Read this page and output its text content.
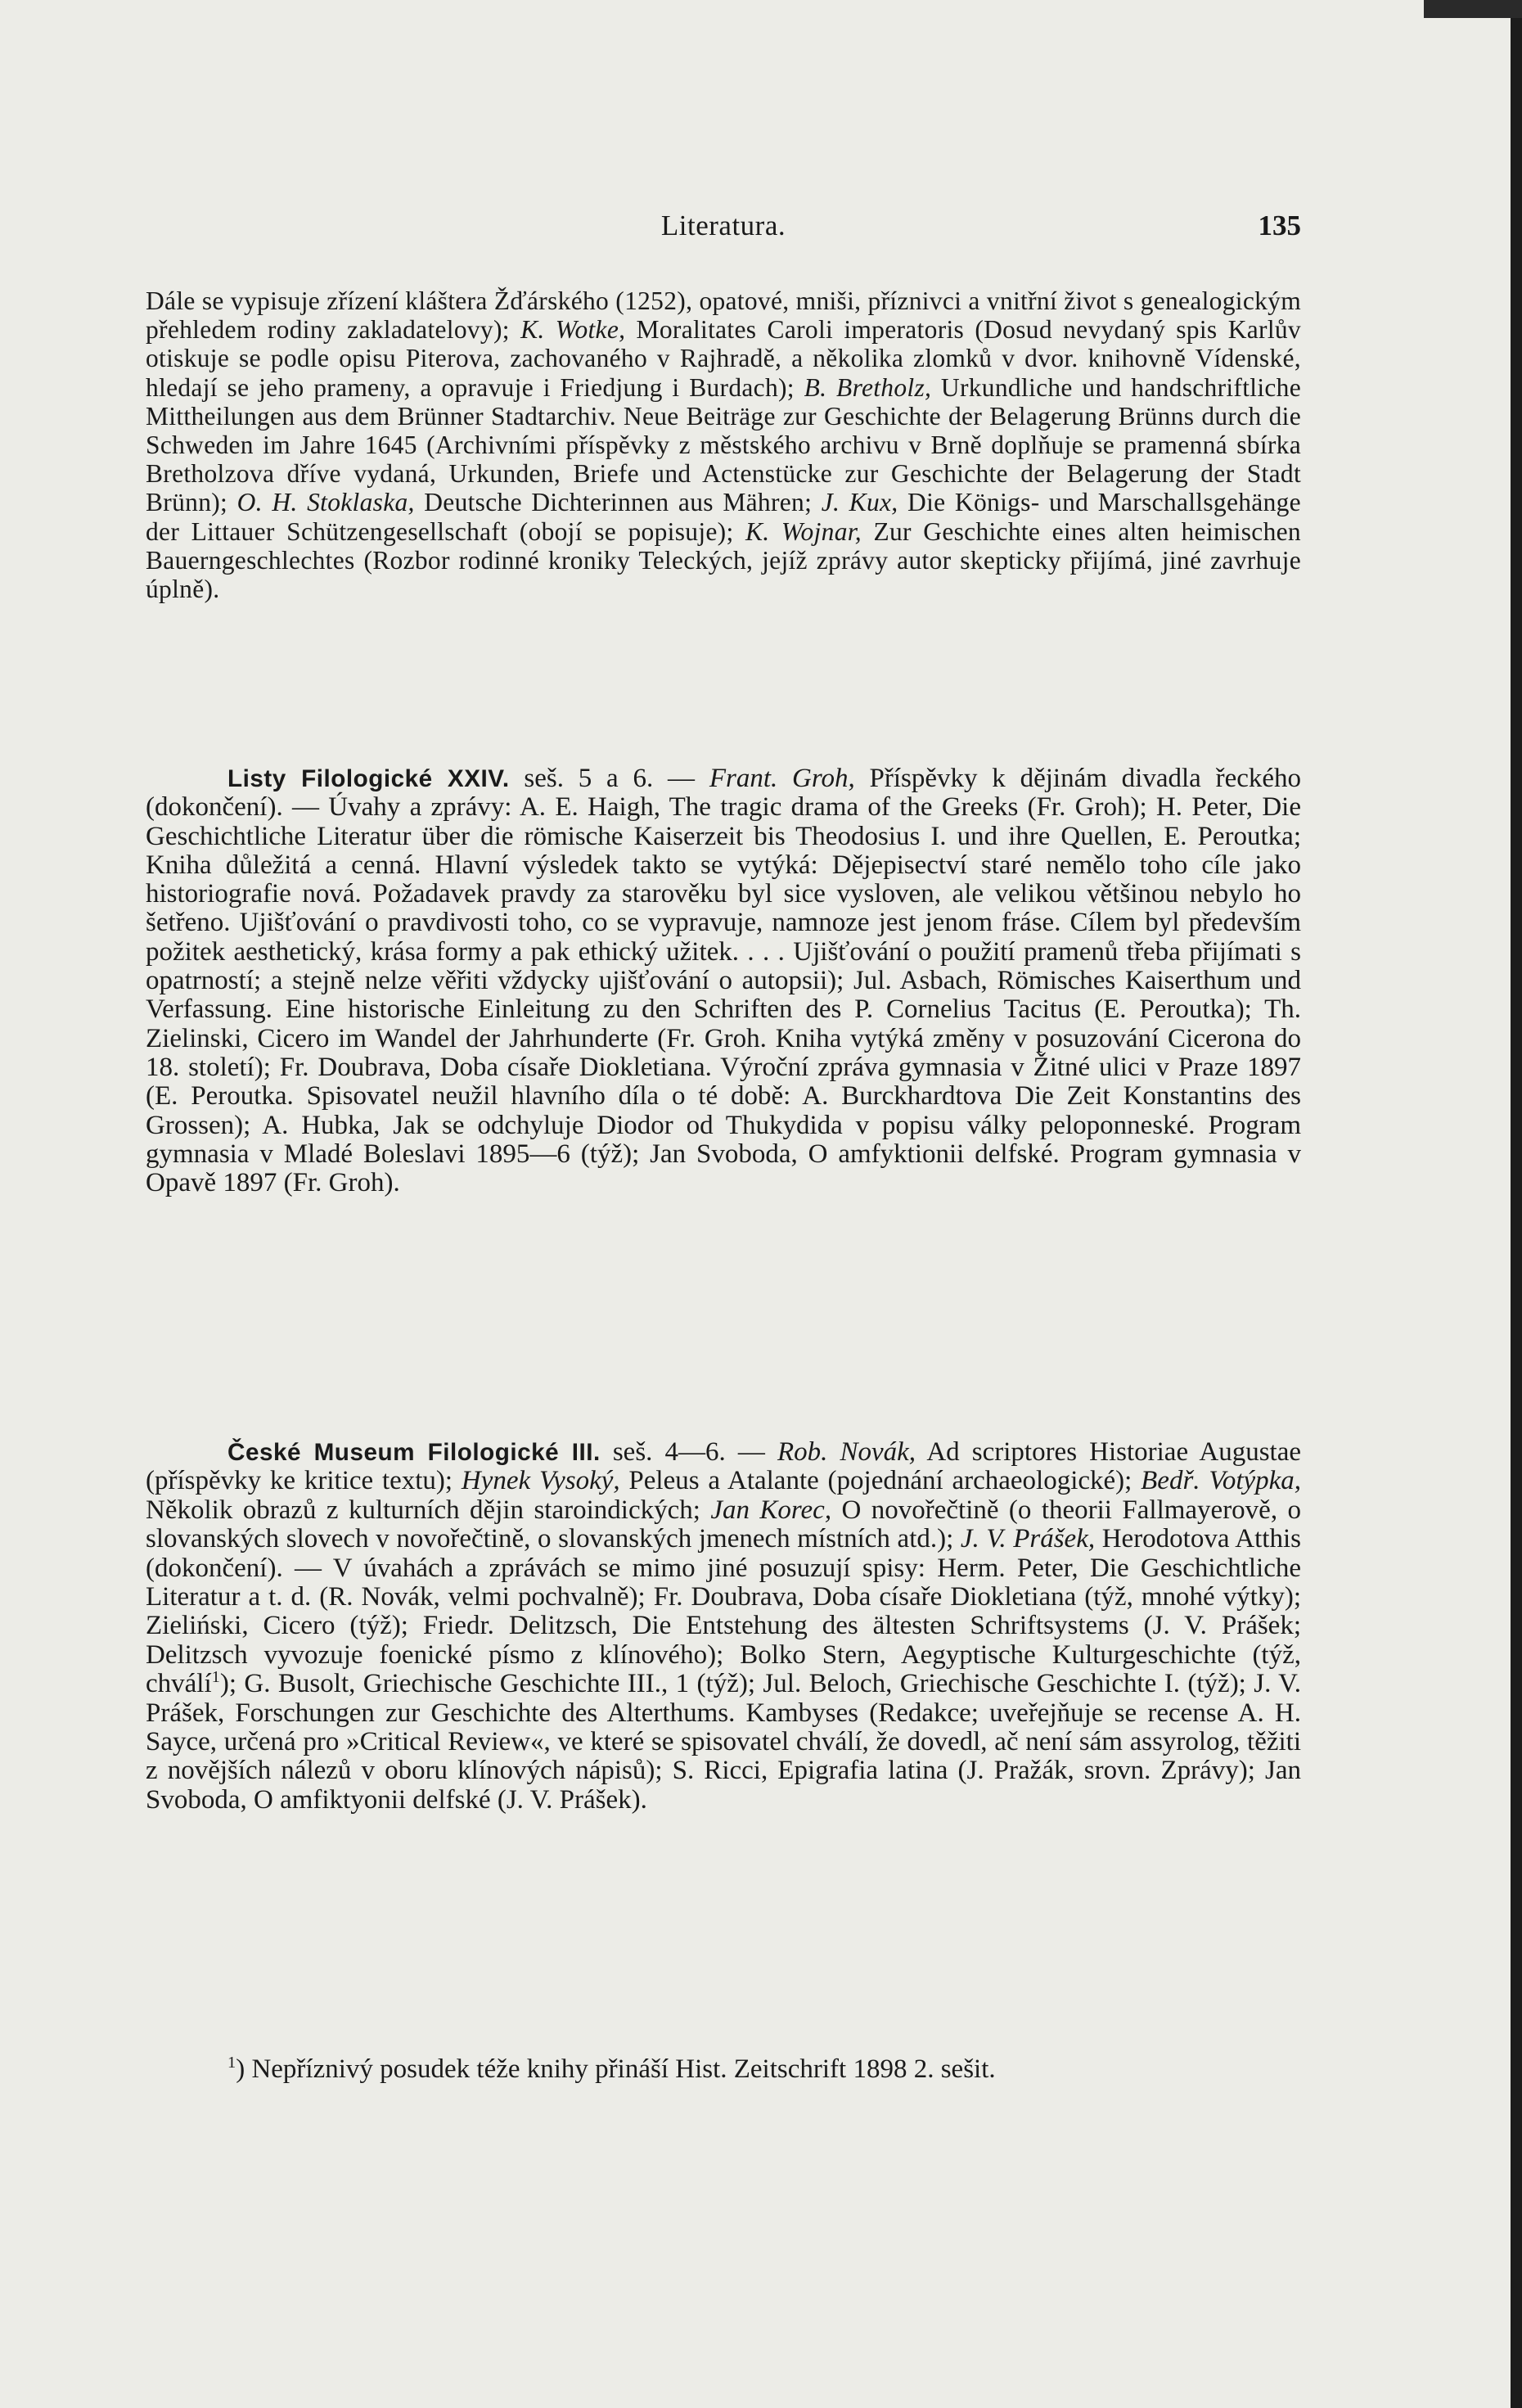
Literatura.	135

Dále se vypisuje zřízení kláštera Žďárského (1252), opatové, mniši, příznivci a vnitřní život s genealogickým přehledem rodiny zakladatelovy); K. Wotke, Moralitates Caroli imperatoris (Dosud nevydaný spis Karlův otiskuje se podle opisu Piterova, zachovaného v Rajhradě, a několika zlomků v dvor. knihovně Vídenské, hledají se jeho prameny, a opravuje i Friedjung i Burdach); B. Bretholz, Urkundliche und handschriftliche Mittheilungen aus dem Brünner Stadtarchiv. Neue Beiträge zur Geschichte der Belagerung Brünns durch die Schweden im Jahre 1645 (Archivními příspěvky z městského archivu v Brně doplňuje se pramenná sbírka Bretholzova dříve vydaná, Urkunden, Briefe und Actenstücke zur Geschichte der Belagerung der Stadt Brünn); O. H. Stoklaska, Deutsche Dichterinnen aus Mähren; J. Kux, Die Königs- und Marschallsgehänge der Littauer Schützengesellschaft (obojí se popisuje); K. Wojnar, Zur Geschichte eines alten heimischen Bauerngeschlechtes (Rozbor rodinné kroniky Teleckých, jejíž zprávy autor skepticky přijímá, jiné zavrhuje úplně).

Listy Filologické XXIV. seš. 5 a 6. — Frant. Groh, Příspěvky k dějinám divadla řeckého (dokončení). — Úvahy a zprávy: A. E. Haigh, The tragic drama of the Greeks (Fr. Groh); H. Peter, Die Geschichtliche Literatur über die römische Kaiserzeit bis Theodosius I. und ihre Quellen, E. Peroutka; Kniha důležitá a cenná. Hlavní výsledek takto se vytýká: Dějepisectví staré nemělo toho cíle jako historiografie nová. Požadavek pravdy za starověku byl sice vysloven, ale velikou většinou nebylo ho šetřeno. Ujišťování o pravdivosti toho, co se vypravuje, namnoze jest jenom fráse. Cílem byl především požitek aesthetický, krása formy a pak ethický užitek. . . . Ujišťování o použití pramenů třeba přijímati s opatrností; a stejně nelze věřiti vždycky ujišťování o autopsii); Jul. Asbach, Römisches Kaiserthum und Verfassung. Eine historische Einleitung zu den Schriften des P. Cornelius Tacitus (E. Peroutka); Th. Zielinski, Cicero im Wandel der Jahrhunderte (Fr. Groh. Kniha vytýká změny v posuzování Cicerona do 18. století); Fr. Doubrava, Doba císaře Diokletiana. Výroční zpráva gymnasia v Žitné ulici v Praze 1897 (E. Peroutka. Spisovatel neužil hlavního díla o té době: A. Burckhardtova Die Zeit Konstantins des Grossen); A. Hubka, Jak se odchyluje Diodor od Thukydida v popisu války peloponneské. Program gymnasia v Mladé Boleslavi 1895—6 (týž); Jan Svoboda, O amfyktionii delfské. Program gymnasia v Opavě 1897 (Fr. Groh).

České Museum Filologické III. seš. 4—6. — Rob. Novák, Ad scriptores Historiae Augustae (příspěvky ke kritice textu); Hynek Vysoký, Peleus a Atalante (pojednání archaeologické); Bedř. Votýpka, Několik obrazů z kulturních dějin staroindických; Jan Korec, O novořečtině (o theorii Fallmayerově, o slovanských slovech v novořečtině, o slovanských jmenech místních atd.); J. V. Prášek, Herodotova Atthis (dokončení). — V úvahách a zprávách se mimo jiné posuzují spisy: Herm. Peter, Die Geschichtliche Literatur a t. d. (R. Novák, velmi pochvalně); Fr. Doubrava, Doba císaře Diokletiana (týž, mnohé výtky); Zieliński, Cicero (týž); Friedr. Delitzsch, Die Entstehung des ältesten Schriftsystems (J. V. Prášek; Delitzsch vyvozuje foenické písmo z klínového); Bolko Stern, Aegyptische Kulturgeschichte (týž, chválí$^1$); G. Busolt, Griechische Geschichte III., 1 (týž); Jul. Beloch, Griechische Geschichte I. (týž); J. V. Prášek, Forschungen zur Geschichte des Alterthums. Kambyses (Redakce; uveřejňuje se recense A. H. Sayce, určená pro »Critical Review«, ve které se spisovatel chválí, že dovedl, ač není sám assyrolog, těžiti z novějších nálezů v oboru klínových nápisů); S. Ricci, Epigrafia latina (J. Pražák, srovn. Zprávy); Jan Svoboda, O amfiktyonii delfské (J. V. Prášek).

$^1$) Nepříznivý posudek téže knihy přináší Hist. Zeitschrift 1898 2. sešit.
